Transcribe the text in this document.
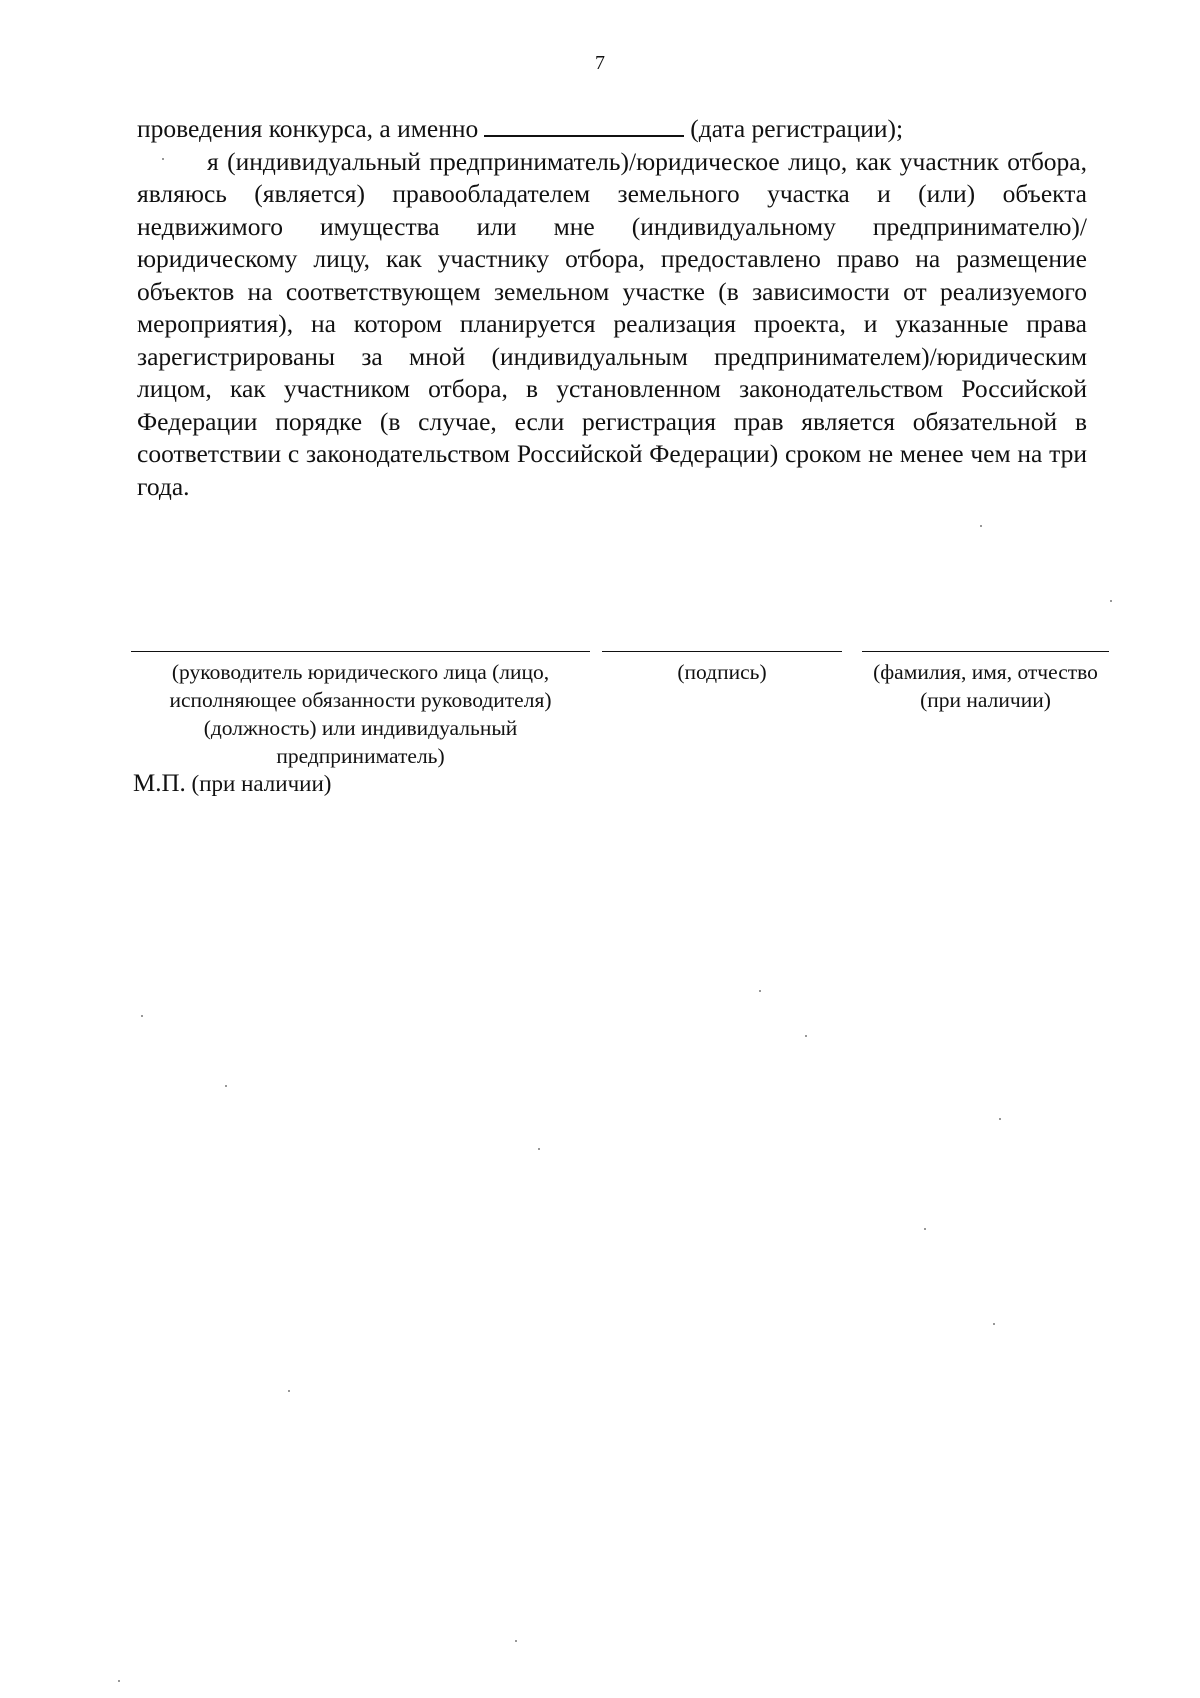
7

проведения конкурса, а именно	(дата регистрации);

я (индивидуальный предприниматель)/юридическое лицо, как участник отбора, являюсь (является) правообладателем земельного участка и (или) объекта недвижимого имущества или мне (индивидуальному предпринимателю)/юридическому лицу, как участнику отбора, предоставлено право на размещение объектов на соответствующем земельном участке (в зависимости от реализуемого мероприятия), на котором планируется реализация проекта, и указанные права зарегистрированы за мной (индивидуальным предпринимателем)/юридическим лицом, как участником отбора, в установленном законодательством Российской Федерации порядке (в случае, если регистрация прав является обязательной в соответствии с законодательством Российской Федерации) сроком не менее чем на три года.

(руководитель юридического лица (лицо,
исполняющее обязанности руководителя)
(должность) или индивидуальный
предприниматель)
(подпись)	(фамилия, имя, отчество
(при наличии)
М.П. (при наличии)
